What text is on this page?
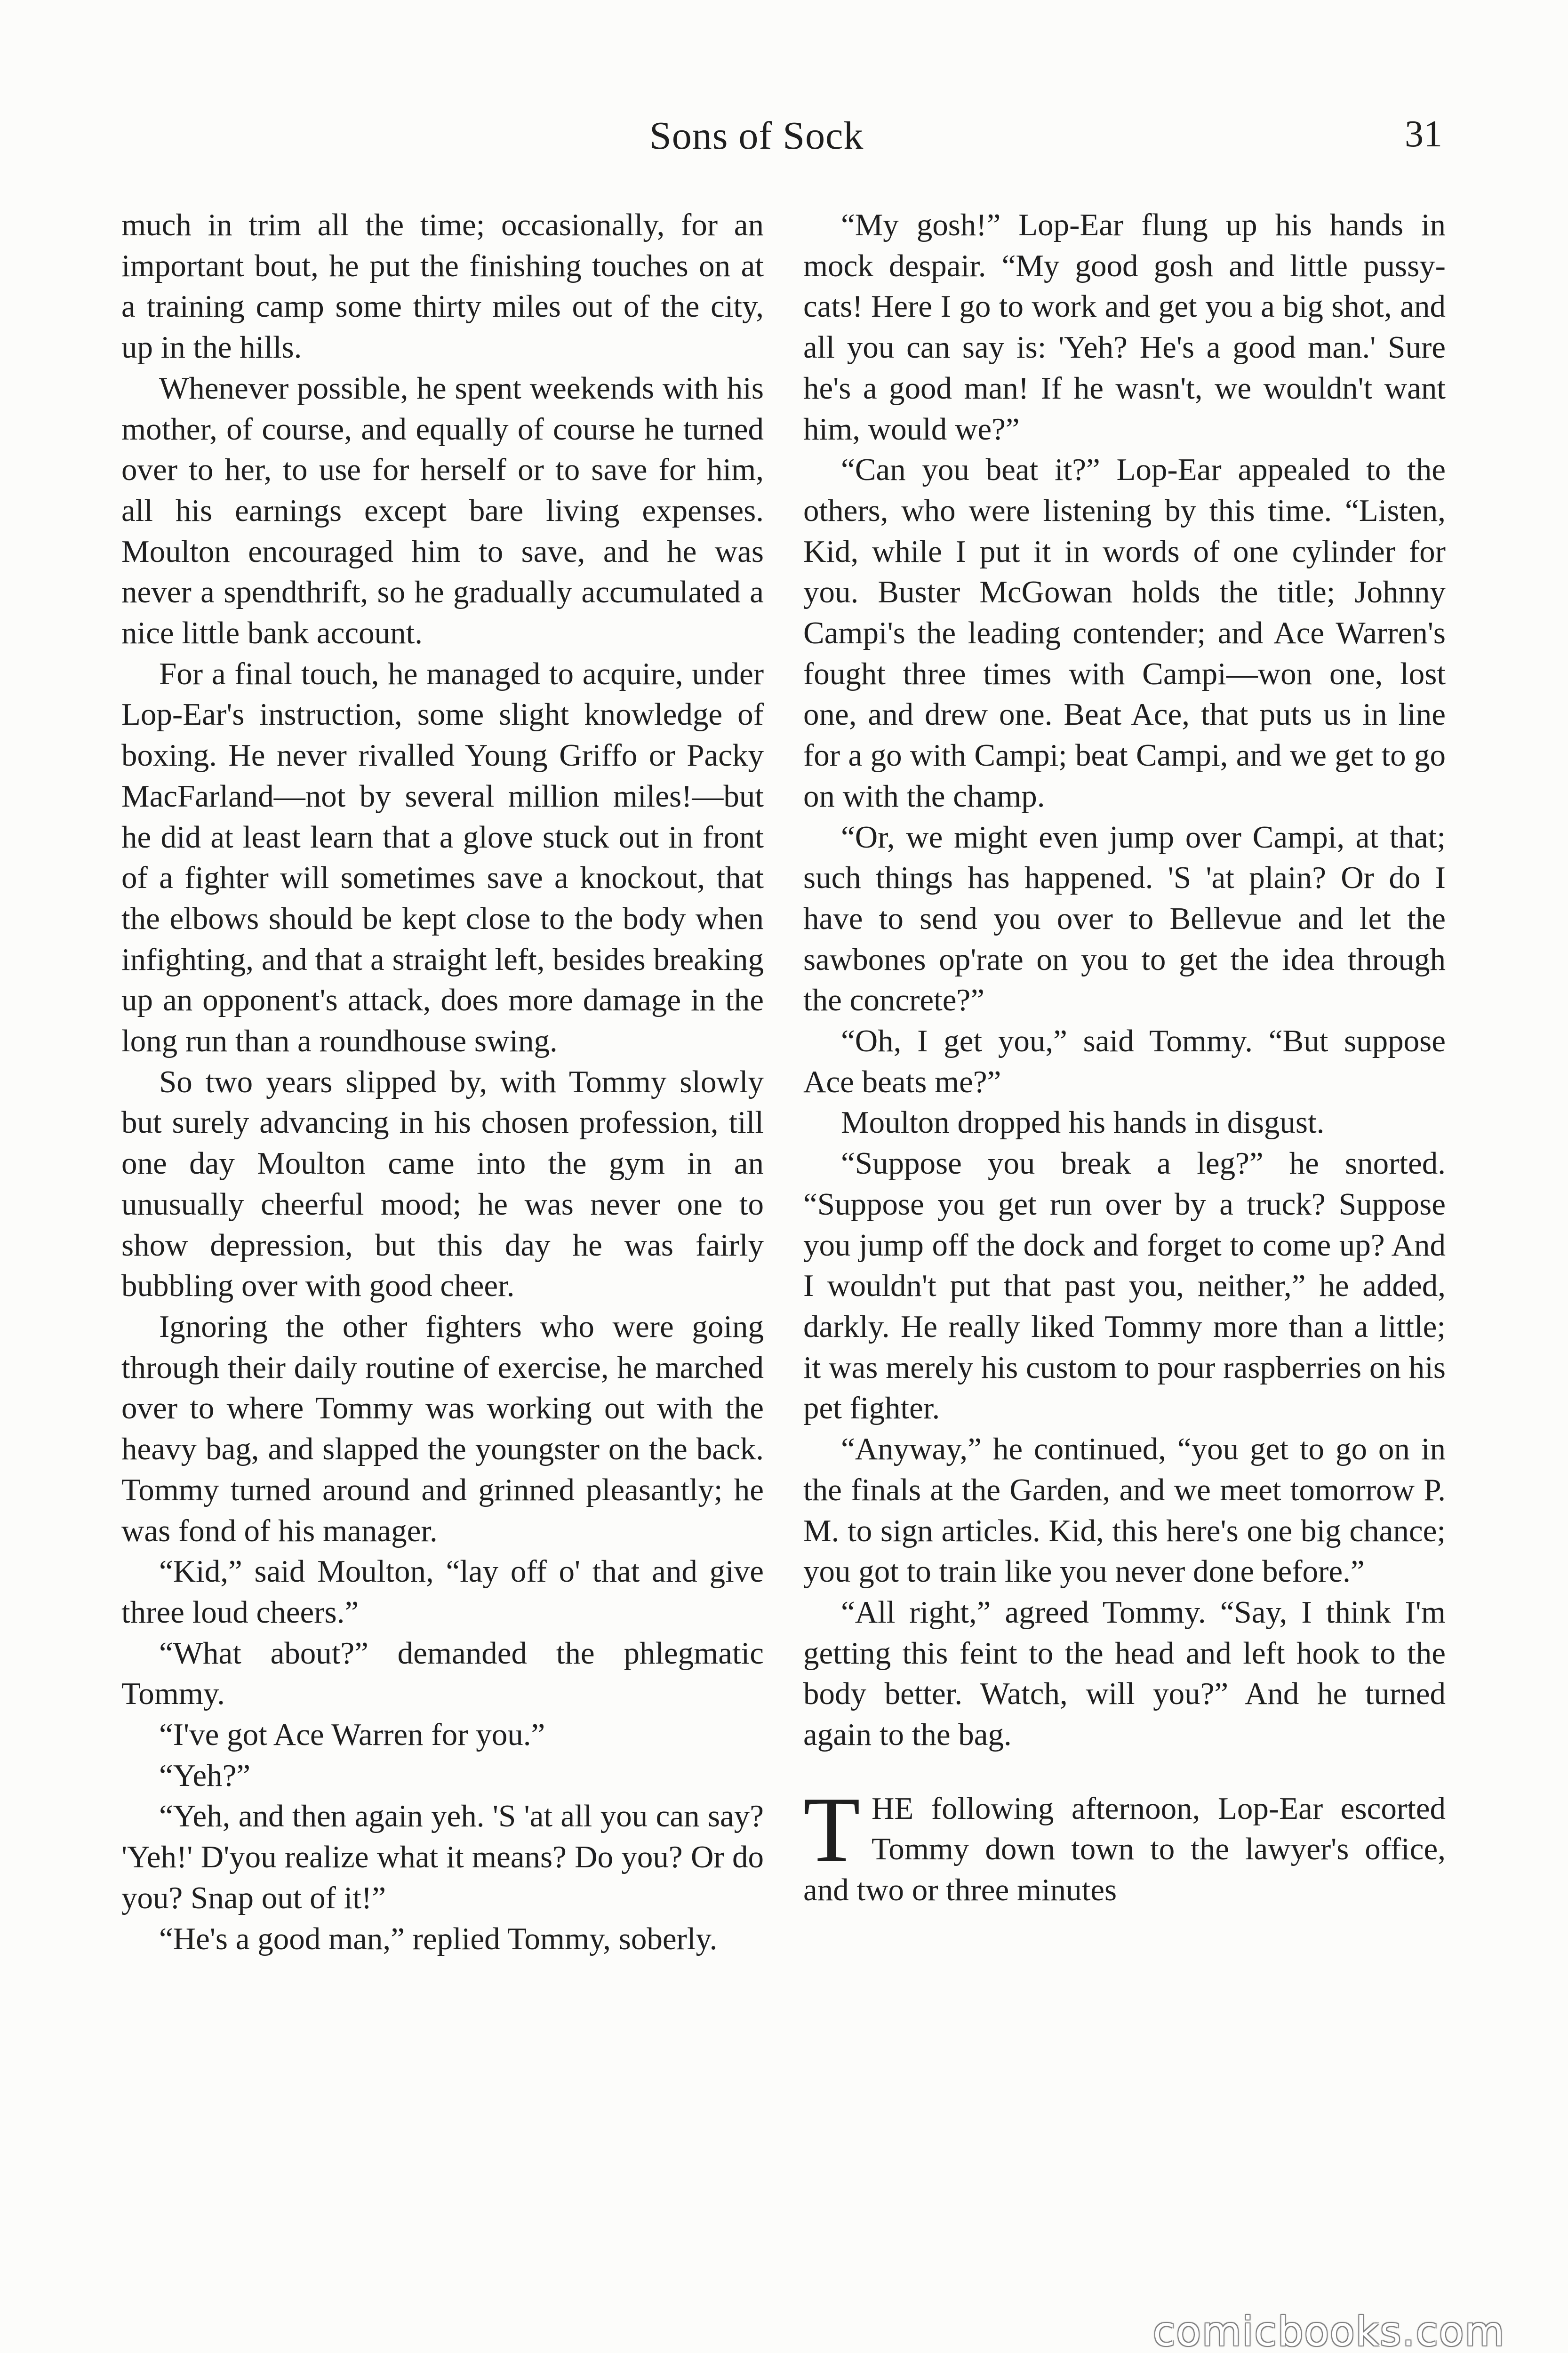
Sons of Sock	31

much in trim all the time; occasionally, for an important bout, he put the finishing touches on at a training camp some thirty miles out of the city, up in the hills.

Whenever possible, he spent weekends with his mother, of course, and equally of course he turned over to her, to use for herself or to save for him, all his earnings except bare living expenses. Moulton encouraged him to save, and he was never a spendthrift, so he gradually accumulated a nice little bank account.

For a final touch, he managed to acquire, under Lop-Ear's instruction, some slight knowledge of boxing. He never rivalled Young Griffo or Packy MacFarland—not by several million miles!—but he did at least learn that a glove stuck out in front of a fighter will sometimes save a knockout, that the elbows should be kept close to the body when infighting, and that a straight left, besides breaking up an opponent's attack, does more damage in the long run than a roundhouse swing.

So two years slipped by, with Tommy slowly but surely advancing in his chosen profession, till one day Moulton came into the gym in an unusually cheerful mood; he was never one to show depression, but this day he was fairly bubbling over with good cheer.

Ignoring the other fighters who were going through their daily routine of exercise, he marched over to where Tommy was working out with the heavy bag, and slapped the youngster on the back. Tommy turned around and grinned pleasantly; he was fond of his manager.

“Kid,” said Moulton, “lay off o' that and give three loud cheers.”

“What about?” demanded the phlegmatic Tommy.

“I've got Ace Warren for you.”

“Yeh?”

“Yeh, and then again yeh. 'S 'at all you can say? 'Yeh!' D'you realize what it means? Do you? Or do you? Snap out of it!”

“He's a good man,” replied Tommy, soberly.

“My gosh!” Lop-Ear flung up his hands in mock despair. “My good gosh and little pussy-cats! Here I go to work and get you a big shot, and all you can say is: 'Yeh? He's a good man.' Sure he's a good man! If he wasn't, we wouldn't want him, would we?”

“Can you beat it?” Lop-Ear appealed to the others, who were listening by this time. “Listen, Kid, while I put it in words of one cylinder for you. Buster McGowan holds the title; Johnny Campi's the leading contender; and Ace Warren's fought three times with Campi—won one, lost one, and drew one. Beat Ace, that puts us in line for a go with Campi; beat Campi, and we get to go on with the champ.

“Or, we might even jump over Campi, at that; such things has happened. 'S 'at plain? Or do I have to send you over to Bellevue and let the sawbones op'rate on you to get the idea through the concrete?”

“Oh, I get you,” said Tommy. “But suppose Ace beats me?”

Moulton dropped his hands in disgust.

“Suppose you break a leg?” he snorted. “Suppose you get run over by a truck? Suppose you jump off the dock and forget to come up? And I wouldn't put that past you, neither,” he added, darkly. He really liked Tommy more than a little; it was merely his custom to pour raspberries on his pet fighter.

“Anyway,” he continued, “you get to go on in the finals at the Garden, and we meet tomorrow P. M. to sign articles. Kid, this here's one big chance; you got to train like you never done before.”

“All right,” agreed Tommy. “Say, I think I'm getting this feint to the head and left hook to the body better. Watch, will you?” And he turned again to the bag.

THE following afternoon, Lop-Ear escorted Tommy down town to the lawyer's office, and two or three minutes

comicbooks.com
